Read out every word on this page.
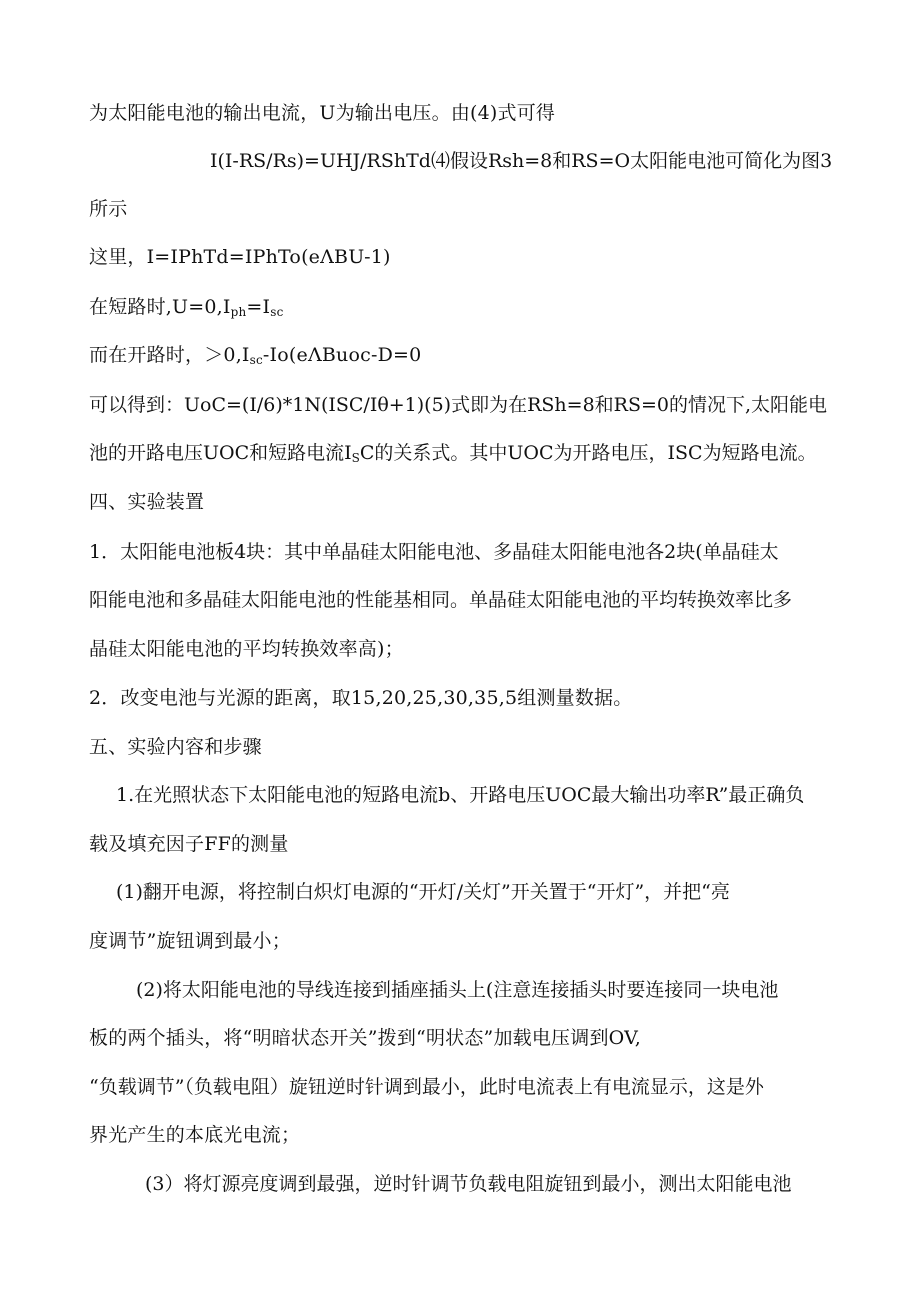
为太阳能电池的输出电流，U为输出电压。由(4)式可得
I(I-RS/Rs)=UHJ/RShTd⑷假设Rsh=8和RS=O太阳能电池可简化为图3
所示
这里，I=IPhTd=IPhTo(eΛBU-1)
在短路时$,U=0,I_{ph}=I_{sc}$
而在开路时，$>0,I_{sc}-Io(e\Lambda Buoc-D=0$
可以得到：UoC=(I/6)*1N(ISC/Iθ+1)(5)式即为在RSh=8和RS=0的情况下,太阳能电
池的开路电压UOC和短路电流$I_SC$的关系式。其中UOC为开路电压，ISC为短路电流。
四、实验装置
1．太阳能电池板4块：其中单晶硅太阳能电池、多晶硅太阳能电池各2块(单晶硅太
阳能电池和多晶硅太阳能电池的性能基相同。单晶硅太阳能电池的平均转换效率比多
晶硅太阳能电池的平均转换效率高)；
2．改变电池与光源的距离，取15,20,25,30,35,5组测量数据。
五、实验内容和步骤
1.在光照状态下太阳能电池的短路电流b、开路电压UOC最大输出功率R”最正确负
载及填充因子FF的测量
(1)翻开电源，将控制白炽灯电源的“开灯/关灯”开关置于“开灯”，并把“亮
度调节”旋钮调到最小；
(2)将太阳能电池的导线连接到插座插头上(注意连接插头时要连接同一块电池
板的两个插头，将“明暗状态开关”拨到“明状态”加载电压调到OV,
“负载调节”（负载电阻）旋钮逆时针调到最小，此时电流表上有电流显示，这是外
界光产生的本底光电流；
(3）将灯源亮度调到最强，逆时针调节负载电阻旋钮到最小，测出太阳能电池
